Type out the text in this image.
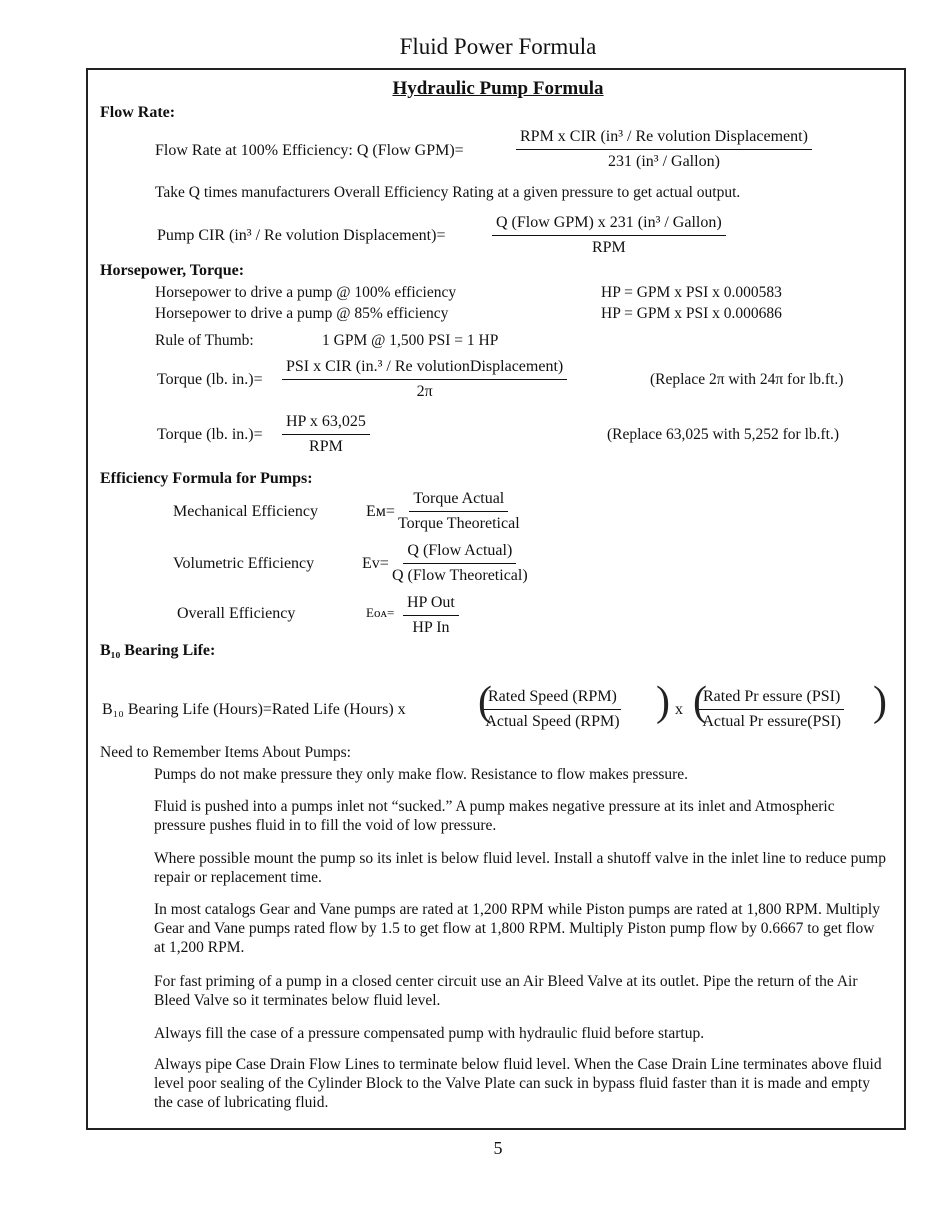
Fluid Power Formula
Hydraulic Pump Formula
Flow Rate:
Flow Rate at 100% Efficiency: Q (Flow GPM)=
RPM x CIR (in³ / Re volution Displacement)
231 (in³ / Gallon)
Take Q times manufacturers Overall Efficiency Rating at a given pressure to get actual output.
Pump CIR (in³ / Re volution Displacement)=
Q (Flow GPM) x 231 (in³ / Gallon)
RPM
Horsepower, Torque:
Horsepower to drive a pump @ 100% efficiency	HP = GPM x PSI x 0.000583
Horsepower to drive a pump @ 85% efficiency	HP = GPM x PSI x 0.000686
Rule of Thumb:	1 GPM @ 1,500 PSI = 1 HP
Torque (lb. in.)=
PSI x CIR (in.³ / Re volutionDisplacement)
2π
(Replace 2π with 24π for lb.ft.)
Torque (lb. in.)=
HP x 63,025
RPM
(Replace 63,025 with 5,252 for lb.ft.)
Efficiency Formula for Pumps:
Mechanical Efficiency	Eᴍ=
Torque Actual
Torque Theoretical
Volumetric Efficiency	Eᴠ=
Q (Flow Actual)
Q (Flow Theoretical)
Overall Efficiency	Eᴏᴀ=
HP Out
HP In
B₁₀ Bearing Life:
B₁₀ Bearing Life (Hours)=Rated Life (Hours) x (
Rated Speed (RPM)
Actual Speed (RPM) ) x (
Rated Pr essure (PSI)
Actual Pr essure(PSI) )
Need to Remember Items About Pumps:
Pumps do not make pressure they only make flow. Resistance to flow makes pressure.
Fluid is pushed into a pumps inlet not “sucked.” A pump makes negative pressure at its inlet and Atmospheric pressure pushes fluid in to fill the void of low pressure.
Where possible mount the pump so its inlet is below fluid level. Install a shutoff valve in the inlet line to reduce pump repair or replacement time.
In most catalogs Gear and Vane pumps are rated at 1,200 RPM while Piston pumps are rated at 1,800 RPM. Multiply Gear and Vane pumps rated flow by 1.5 to get flow at 1,800 RPM. Multiply Piston pump flow by 0.6667 to get flow at 1,200 RPM.
For fast priming of a pump in a closed center circuit use an Air Bleed Valve at its outlet. Pipe the return of the Air Bleed Valve so it terminates below fluid level.
Always fill the case of a pressure compensated pump with hydraulic fluid before startup.
Always pipe Case Drain Flow Lines to terminate below fluid level. When the Case Drain Line terminates above fluid level poor sealing of the Cylinder Block to the Valve Plate can suck in bypass fluid faster than it is made and empty the case of lubricating fluid.
5
